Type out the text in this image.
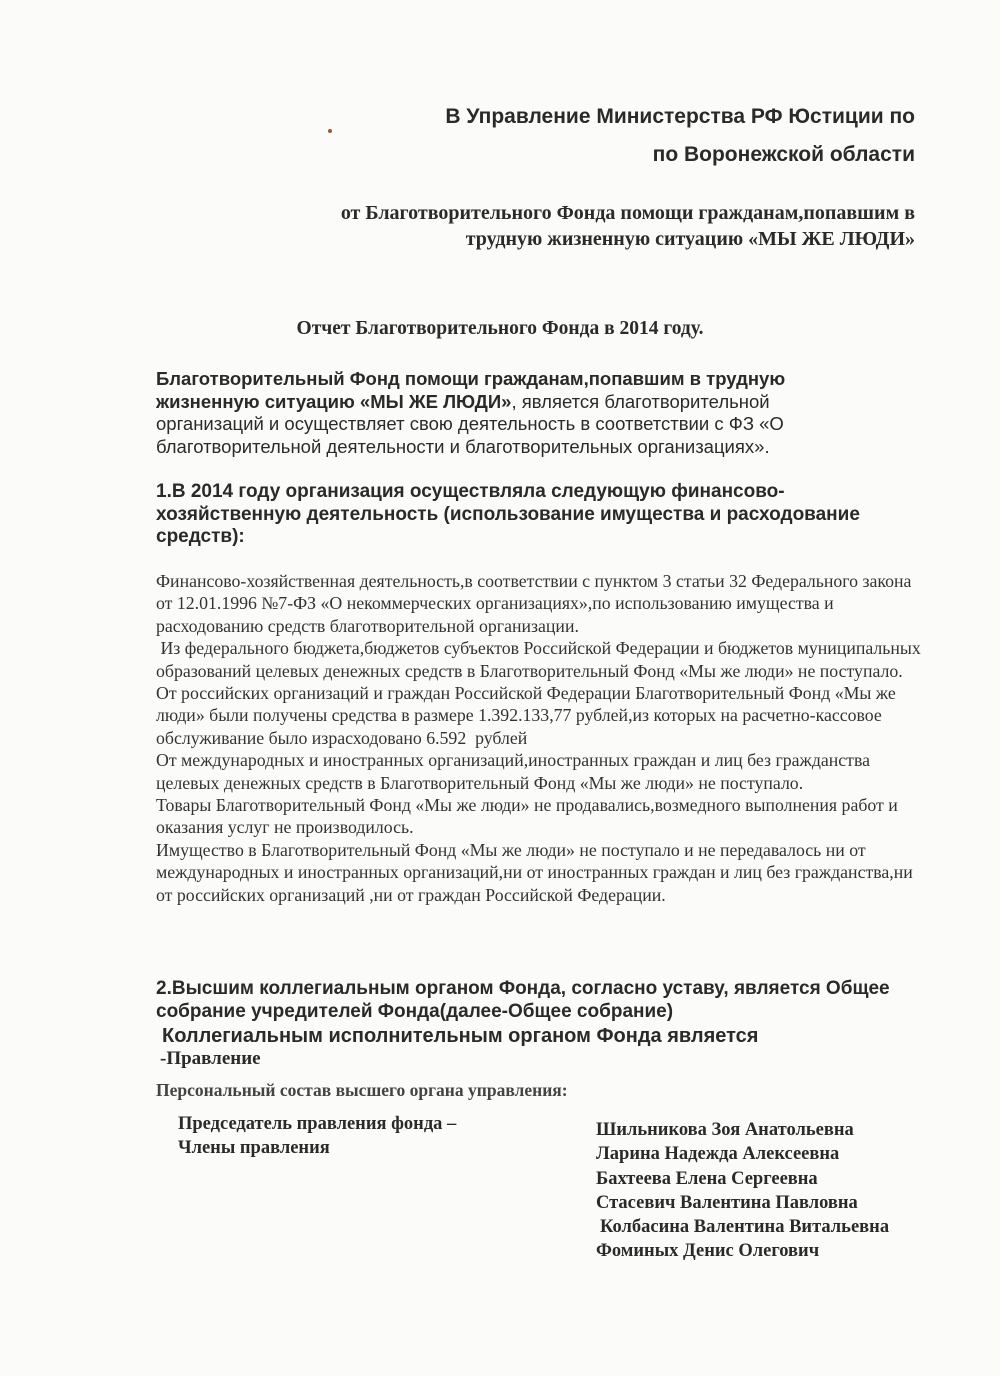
В Управление Министерства РФ Юстиции по
по Воронежской области
от Благотворительного Фонда помощи гражданам,попавшим в
трудную жизненную ситуацию «МЫ ЖЕ ЛЮДИ»
Отчет Благотворительного Фонда в 2014 году.
Благотворительный Фонд помощи гражданам,попавшим в трудную жизненную ситуацию «МЫ ЖЕ ЛЮДИ», является благотворительной организаций и осуществляет свою деятельность в соответствии с ФЗ «О благотворительной деятельности и благотворительных организациях».
1.В 2014 году организация осуществляла следующую финансово-хозяйственную деятельность (использование имущества и расходование средств):

Финансово-хозяйственная деятельность,в соответствии с пунктом 3 статьи 32 Федерального закона от 12.01.1996 №7-ФЗ «О некоммерческих организациях»,по использованию имущества и расходованию средств благотворительной организации.

Из федерального бюджета,бюджетов субъектов Российской Федерации и бюджетов муниципальных образований целевых денежных средств в Благотворительный Фонд «Мы же люди» не поступало.

От российских организаций и граждан Российской Федерации Благотворительный Фонд «Мы же люди» были получены средства в размере 1.392.133,77 рублей,из которых на расчетно-кассовое обслуживание было израсходовано 6.592  рублей

От международных и иностранных организаций,иностранных граждан и лиц без гражданства целевых денежных средств в Благотворительный Фонд «Мы же люди» не поступало.

Товары Благотворительный Фонд «Мы же люди» не продавались,возмедного выполнения работ и оказания услуг не производилось.

Имущество в Благотворительный Фонд «Мы же люди» не поступало и не передавалось ни от международных и иностранных организаций,ни от иностранных граждан и лиц без гражданства,ни от российских организаций ,ни от граждан Российской Федерации.

2.Высшим коллегиальным органом Фонда, согласно уставу, является Общее собрание учредителей Фонда(далее-Общее собрание)
Коллегиальным исполнительным органом Фонда является
-Правление
Персональный состав высшего органа управления:
Председатель правления фонда –
Члены правления
Шильникова Зоя Анатольевна
Ларина Надежда Алексеевна
Бахтеева Елена Сергеевна
Стасевич Валентина Павловна
Колбасина Валентина Витальевна
Фоминых Денис Олегович
